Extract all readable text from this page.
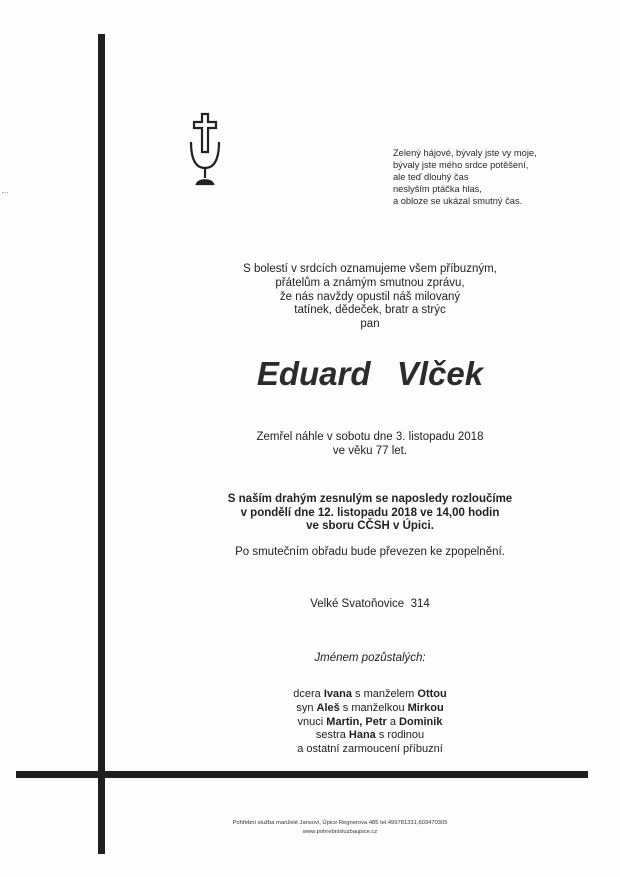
Zelený hájové, bývaly jste vy moje,
bývaly jste mého srdce potěšení,
ale teď dlouhý čas
neslyším ptáčka hlas,
a obloze se ukázal smutný čas.
S bolestí v srdcích oznamujeme všem příbuzným,
přátelům a známým smutnou zprávu,
že nás navždy opustil náš milovaný
tatínek, dědeček, bratr a strýc
pan
Eduard  Vlček
Zemřel náhle v sobotu dne 3. listopadu 2018
ve věku 77 let.
S naším drahým zesnulým se naposledy rozloučíme
v pondělí dne 12. listopadu 2018 ve 14,00 hodin
ve sboru CČSH v Úpici.
Po smutečním obřadu bude převezen ke zpopelnění.
Velké Svatoňovice  314
Jménem pozůstalých:
dcera Ivana s manželem Ottou
syn Aleš s manželkou Mirkou
vnuci Martin, Petr a Dominik
sestra Hana s rodinou
a ostatní zarmoucení příbuzní
Pohřební služba manželé Jansovi, Úpice Regnerova 485 tel.499781331,603470305
www.pohrebnisluzbaupice.cz
